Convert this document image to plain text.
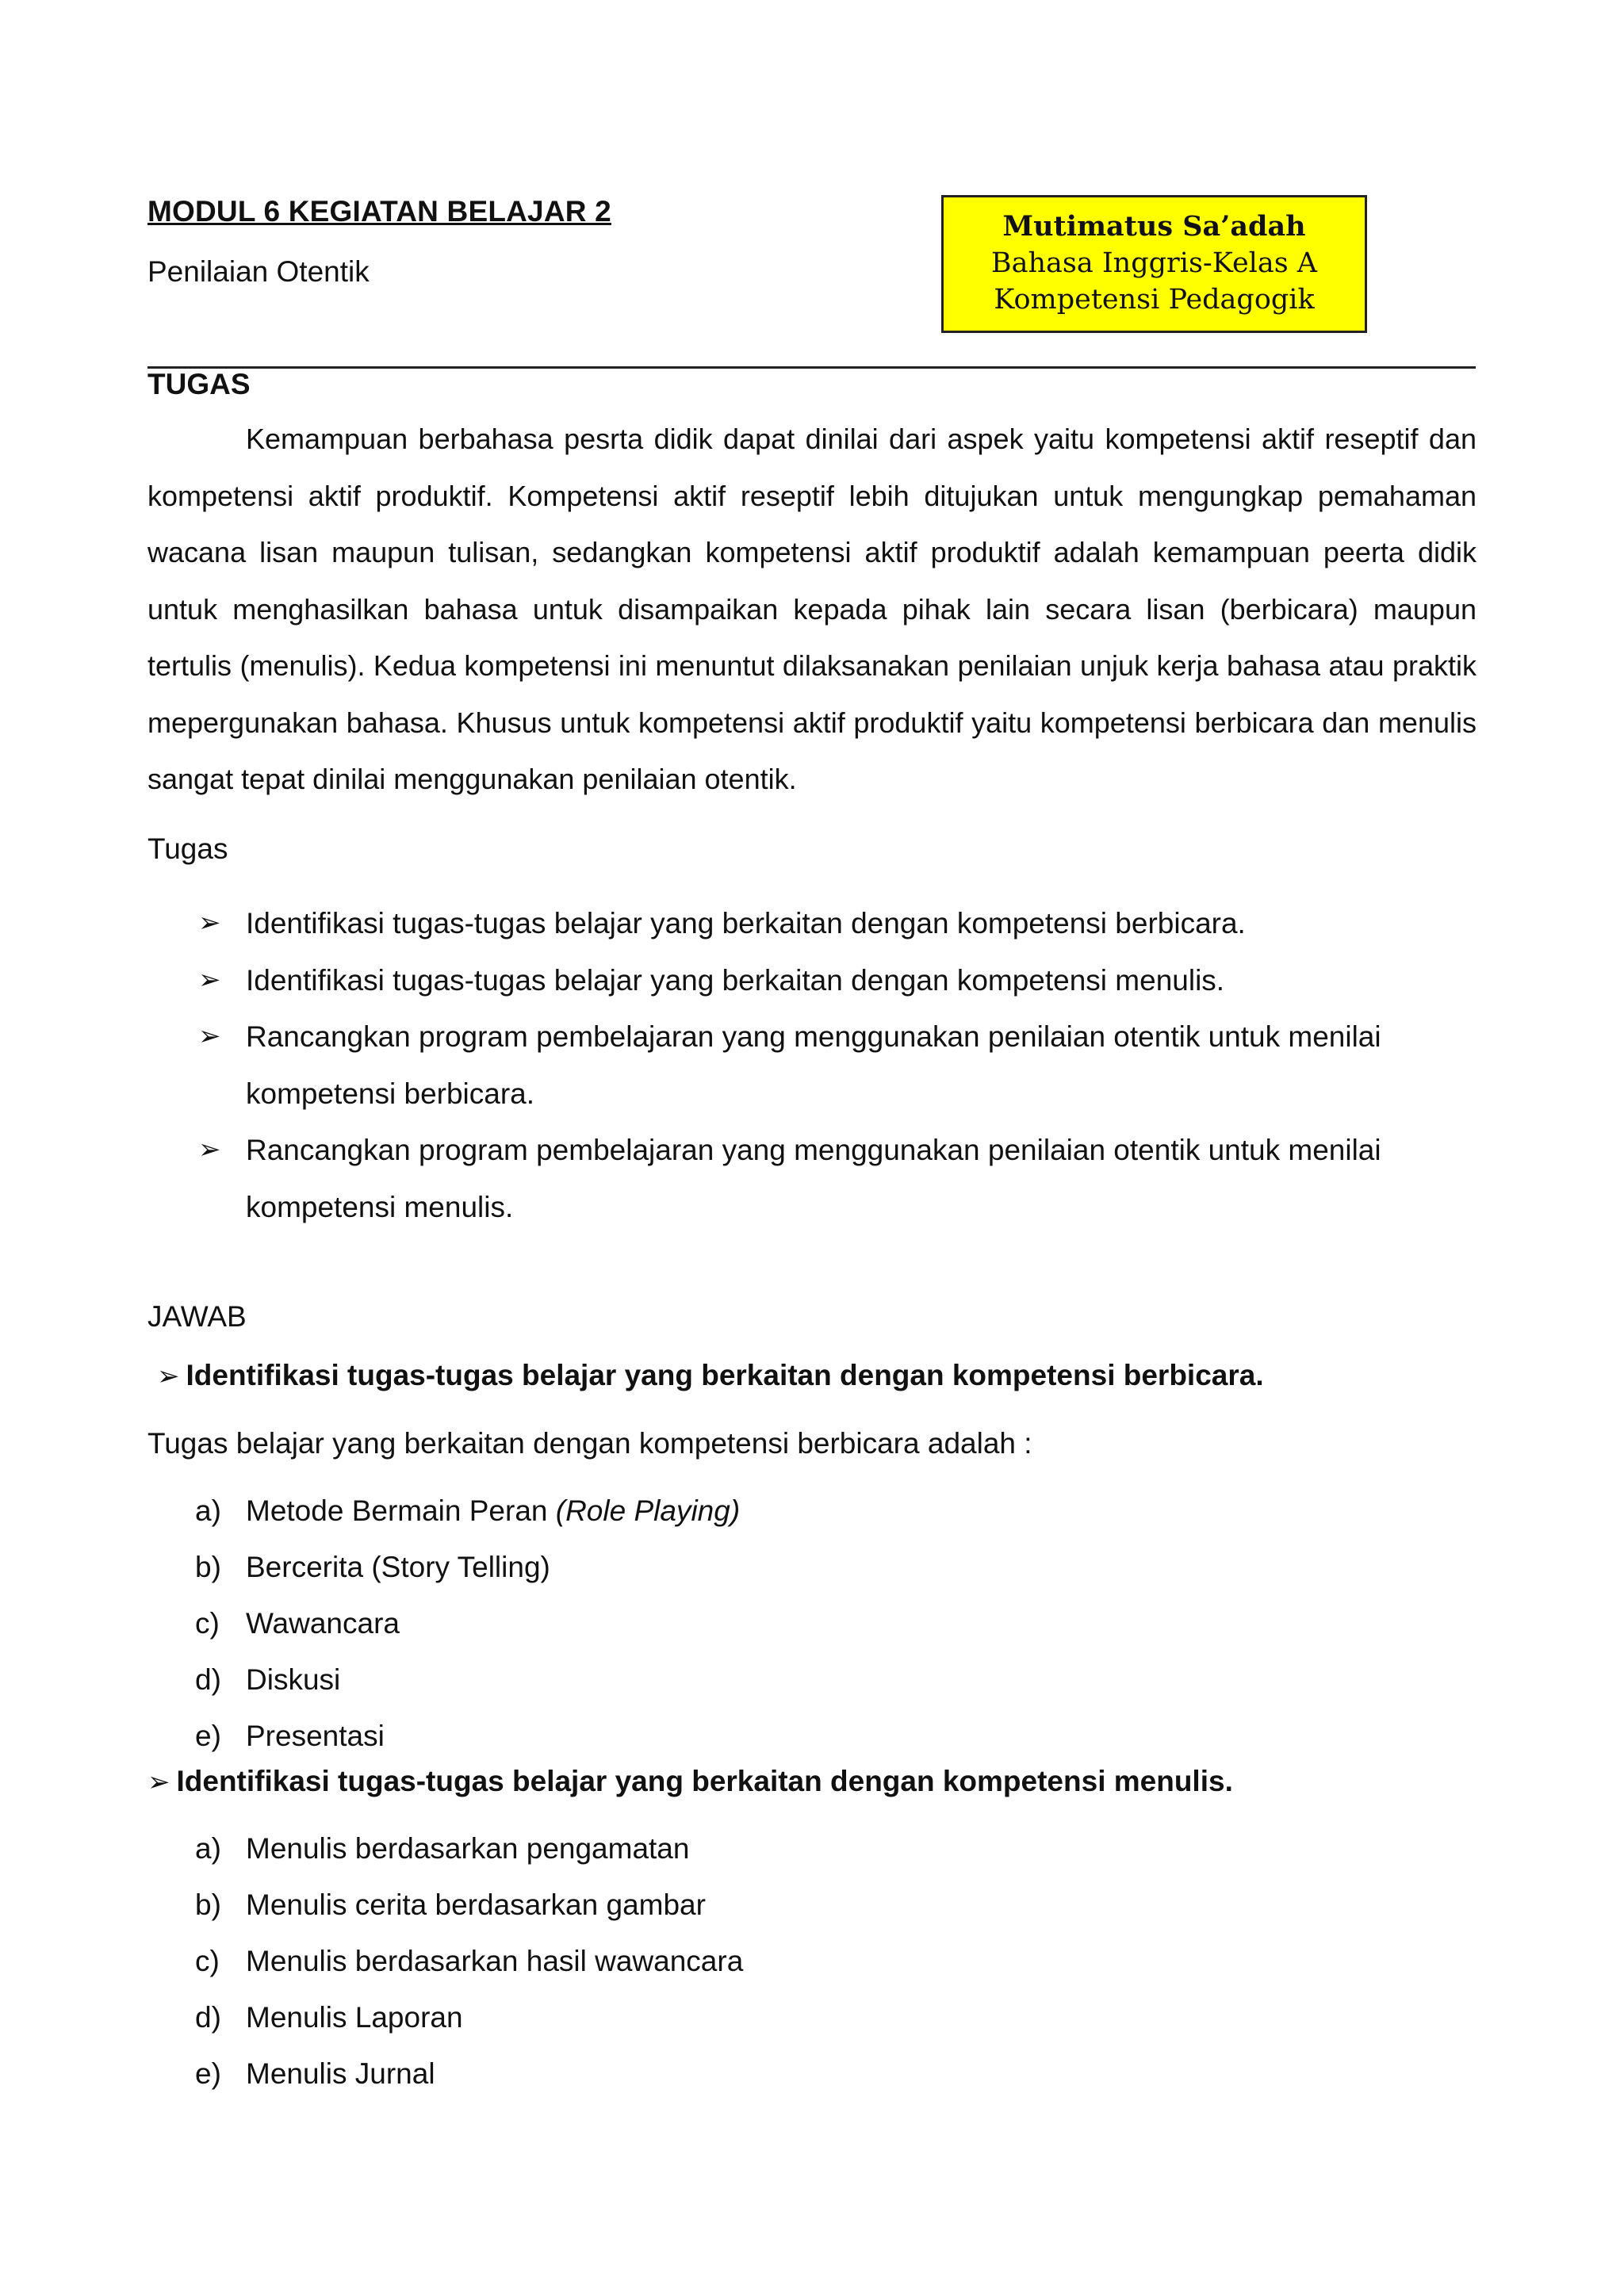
MODUL 6 KEGIATAN BELAJAR 2
Penilaian Otentik
Mutimatus Sa’adah
Bahasa Inggris-Kelas A
Kompetensi Pedagogik
TUGAS
Kemampuan berbahasa pesrta didik dapat dinilai dari aspek yaitu kompetensi aktif reseptif dan kompetensi aktif produktif. Kompetensi aktif reseptif lebih ditujukan untuk mengungkap pemahaman wacana lisan maupun tulisan, sedangkan kompetensi aktif produktif adalah kemampuan peerta didik untuk menghasilkan bahasa untuk disampaikan kepada pihak lain secara lisan (berbicara) maupun tertulis (menulis). Kedua kompetensi ini menuntut dilaksanakan penilaian unjuk kerja bahasa atau praktik mepergunakan bahasa. Khusus untuk kompetensi aktif produktif yaitu kompetensi berbicara dan menulis sangat tepat dinilai menggunakan penilaian otentik.
Tugas
➢ Identifikasi tugas-tugas belajar yang berkaitan dengan kompetensi berbicara.
➢ Identifikasi tugas-tugas belajar yang berkaitan dengan kompetensi menulis.
➢ Rancangkan program pembelajaran yang menggunakan penilaian otentik untuk menilai kompetensi berbicara.
➢ Rancangkan program pembelajaran yang menggunakan penilaian otentik untuk menilai kompetensi menulis.
JAWAB
➢ Identifikasi tugas-tugas belajar yang berkaitan dengan kompetensi berbicara.
Tugas belajar yang berkaitan dengan kompetensi berbicara adalah :
a) Metode Bermain Peran (Role Playing)
b) Bercerita (Story Telling)
c) Wawancara
d) Diskusi
e) Presentasi
➢ Identifikasi tugas-tugas belajar yang berkaitan dengan kompetensi menulis.
a) Menulis berdasarkan pengamatan
b) Menulis cerita berdasarkan gambar
c) Menulis berdasarkan hasil wawancara
d) Menulis Laporan
e) Menulis Jurnal
